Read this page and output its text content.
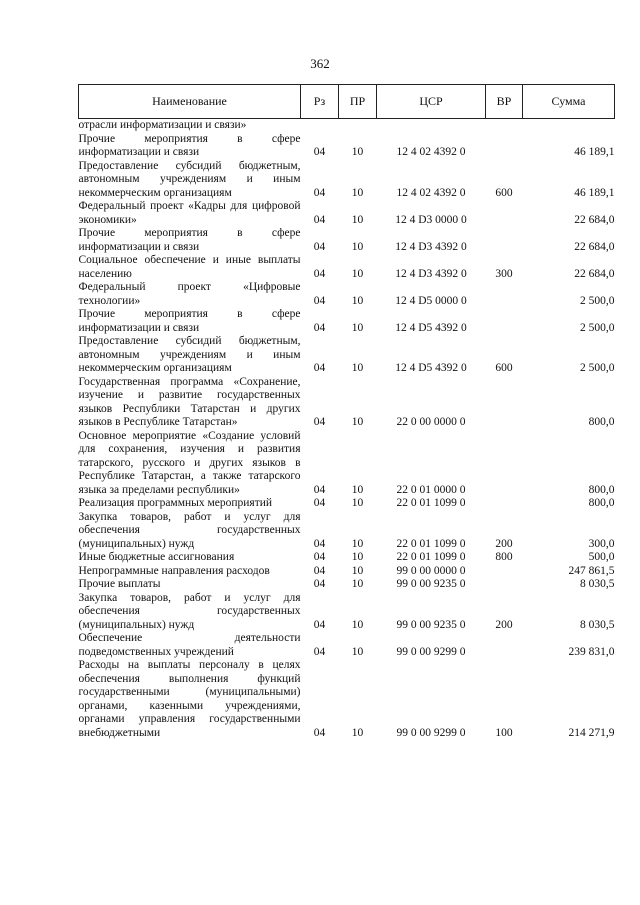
362
Наименование	Рз	ПР	ЦСР	ВР	Сумма
отрасли информатизации и связи»					
Прочие мероприятия в сфере информатизации и связи	04	10	12 4 02 4392 0		46 189,1
Предоставление субсидий бюджетным, автономным учреждениям и иным некоммерческим организациям	04	10	12 4 02 4392 0	600	46 189,1
Федеральный проект «Кадры для цифровой экономики»	04	10	12 4 D3 0000 0		22 684,0
Прочие мероприятия в сфере информатизации и связи	04	10	12 4 D3 4392 0		22 684,0
Социальное обеспечение и иные выплаты населению	04	10	12 4 D3 4392 0	300	22 684,0
Федеральный проект «Цифровые технологии»	04	10	12 4 D5 0000 0		2 500,0
Прочие мероприятия в сфере информатизации и связи	04	10	12 4 D5 4392 0		2 500,0
Предоставление субсидий бюджетным, автономным учреждениям и иным некоммерческим организациям	04	10	12 4 D5 4392 0	600	2 500,0
Государственная программа «Сохранение, изучение и развитие государственных языков Республики Татарстан и других языков в Республике Татарстан»	04	10	22 0 00 0000 0		800,0
Основное мероприятие «Создание условий для сохранения, изучения и развития татарского, русского и других языков в Республике Татарстан, а также татарского языка за пределами республики»	04	10	22 0 01 0000 0		800,0
Реализация программных мероприятий	04	10	22 0 01 1099 0		800,0
Закупка товаров, работ и услуг для обеспечения государственных (муниципальных) нужд	04	10	22 0 01 1099 0	200	300,0
Иные бюджетные ассигнования	04	10	22 0 01 1099 0	800	500,0
Непрограммные направления расходов	04	10	99 0 00 0000 0		247 861,5
Прочие выплаты	04	10	99 0 00 9235 0		8 030,5
Закупка товаров, работ и услуг для обеспечения государственных (муниципальных) нужд	04	10	99 0 00 9235 0	200	8 030,5
Обеспечение деятельности подведомственных учреждений	04	10	99 0 00 9299 0		239 831,0
Расходы на выплаты персоналу в целях обеспечения выполнения функций государственными (муниципальными) органами, казенными учреждениями, органами управления государственными внебюджетными	04	10	99 0 00 9299 0	100	214 271,9
